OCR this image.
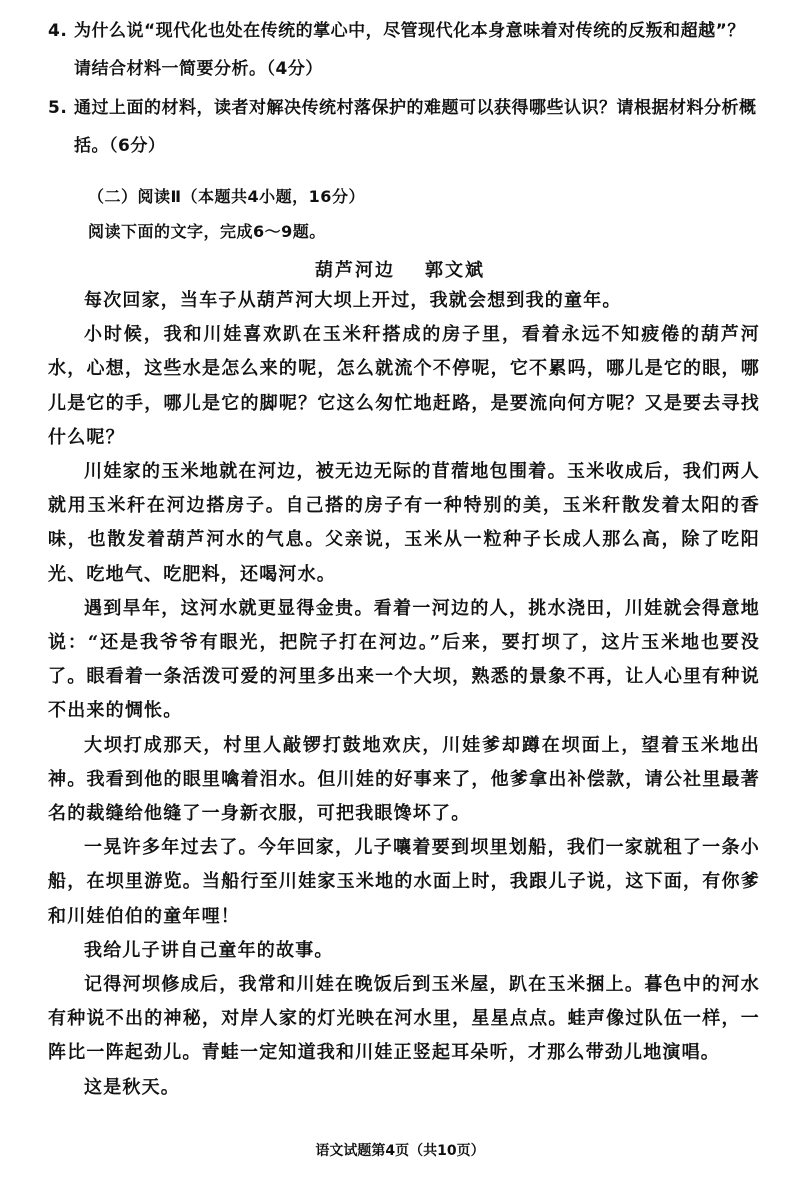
4. 为什么说“现代化也处在传统的掌心中，尽管现代化本身意味着对传统的反叛和超越”？
请结合材料一简要分析。（4分）
5. 通过上面的材料，读者对解决传统村落保护的难题可以获得哪些认识？请根据材料分析概
括。（6分）
（二）阅读Ⅱ（本题共4小题，16分）
阅读下面的文字，完成6～9题。
葫芦河边 郭文斌

每次回家，当车子从葫芦河大坝上开过，我就会想到我的童年。

小时候，我和川娃喜欢趴在玉米秆搭成的房子里，看着永远不知疲倦的葫芦河水，心想，这些水是怎么来的呢，怎么就流个不停呢，它不累吗，哪儿是它的眼，哪儿是它的手，哪儿是它的脚呢？它这么匆忙地赶路，是要流向何方呢？又是要去寻找什么呢？

川娃家的玉米地就在河边，被无边无际的苜蓿地包围着。玉米收成后，我们两人就用玉米秆在河边搭房子。自己搭的房子有一种特别的美，玉米秆散发着太阳的香味，也散发着葫芦河水的气息。父亲说，玉米从一粒种子长成人那么高，除了吃阳光、吃地气、吃肥料，还喝河水。

遇到旱年，这河水就更显得金贵。看着一河边的人，挑水浇田，川娃就会得意地说：“还是我爷爷有眼光，把院子打在河边。”后来，要打坝了，这片玉米地也要没了。眼看着一条活泼可爱的河里多出来一个大坝，熟悉的景象不再，让人心里有种说不出来的惆怅。

大坝打成那天，村里人敲锣打鼓地欢庆，川娃爹却蹲在坝面上，望着玉米地出神。我看到他的眼里噙着泪水。但川娃的好事来了，他爹拿出补偿款，请公社里最著名的裁缝给他缝了一身新衣服，可把我眼馋坏了。

一晃许多年过去了。今年回家，儿子嚷着要到坝里划船，我们一家就租了一条小船，在坝里游览。当船行至川娃家玉米地的水面上时，我跟儿子说，这下面，有你爹和川娃伯伯的童年哩！

我给儿子讲自己童年的故事。

记得河坝修成后，我常和川娃在晚饭后到玉米屋，趴在玉米捆上。暮色中的河水有种说不出的神秘，对岸人家的灯光映在河水里，星星点点。蛙声像过队伍一样，一阵比一阵起劲儿。青蛙一定知道我和川娃正竖起耳朵听，才那么带劲儿地演唱。

这是秋天。

语文试题第4页（共10页）
